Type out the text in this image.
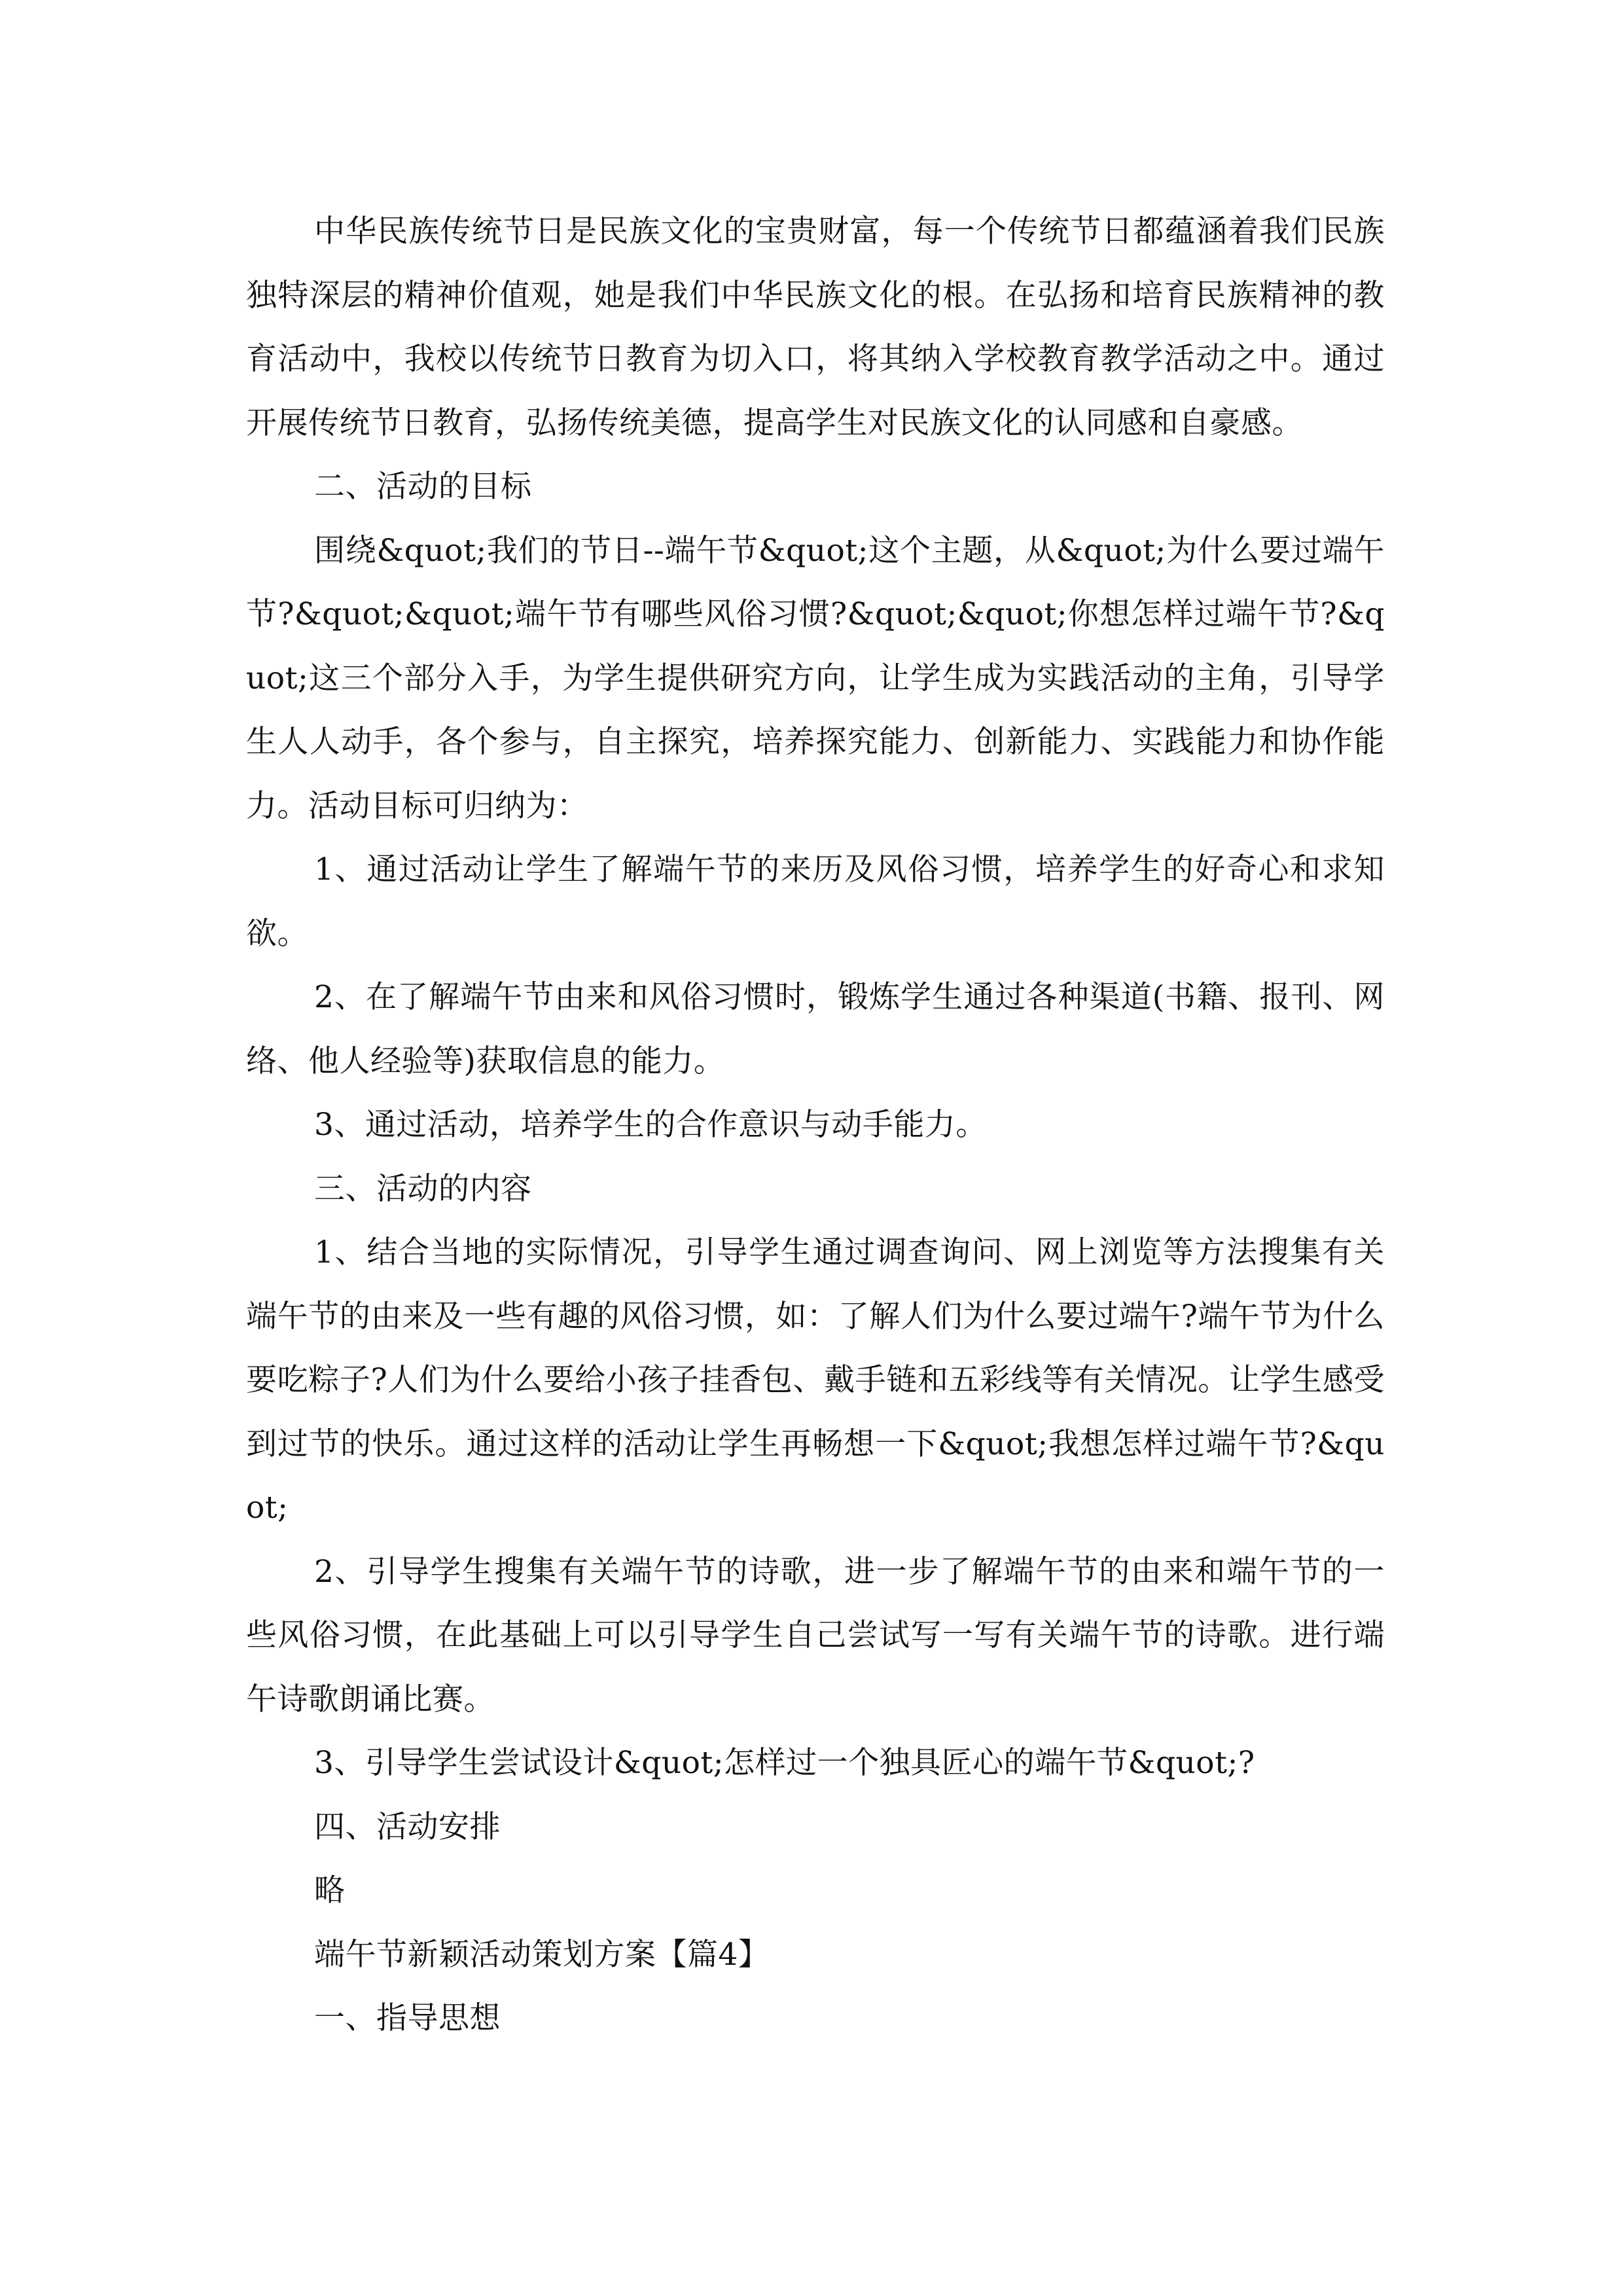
中华民族传统节日是民族文化的宝贵财富，每一个传统节日都蕴涵着我们民族独特深层的精神价值观，她是我们中华民族文化的根。在弘扬和培育民族精神的教育活动中，我校以传统节日教育为切入口，将其纳入学校教育教学活动之中。通过开展传统节日教育，弘扬传统美德，提高学生对民族文化的认同感和自豪感。

二、活动的目标

围绕&quot;我们的节日--端午节&quot;这个主题，从&quot;为什么要过端午节?&quot;&quot;端午节有哪些风俗习惯?&quot;&quot;你想怎样过端午节?&quot;这三个部分入手，为学生提供研究方向，让学生成为实践活动的主角，引导学生人人动手，各个参与，自主探究，培养探究能力、创新能力、实践能力和协作能力。活动目标可归纳为：

1、通过活动让学生了解端午节的来历及风俗习惯，培养学生的好奇心和求知欲。

2、在了解端午节由来和风俗习惯时，锻炼学生通过各种渠道(书籍、报刊、网络、他人经验等)获取信息的能力。

3、通过活动，培养学生的合作意识与动手能力。

三、活动的内容

1、结合当地的实际情况，引导学生通过调查询问、网上浏览等方法搜集有关端午节的由来及一些有趣的风俗习惯，如：了解人们为什么要过端午?端午节为什么要吃粽子?人们为什么要给小孩子挂香包、戴手链和五彩线等有关情况。让学生感受到过节的快乐。通过这样的活动让学生再畅想一下&quot;我想怎样过端午节?&quot;

2、引导学生搜集有关端午节的诗歌，进一步了解端午节的由来和端午节的一些风俗习惯，在此基础上可以引导学生自己尝试写一写有关端午节的诗歌。进行端午诗歌朗诵比赛。

3、引导学生尝试设计&quot;怎样过一个独具匠心的端午节&quot;?

四、活动安排

略

端午节新颖活动策划方案【篇4】

一、指导思想
